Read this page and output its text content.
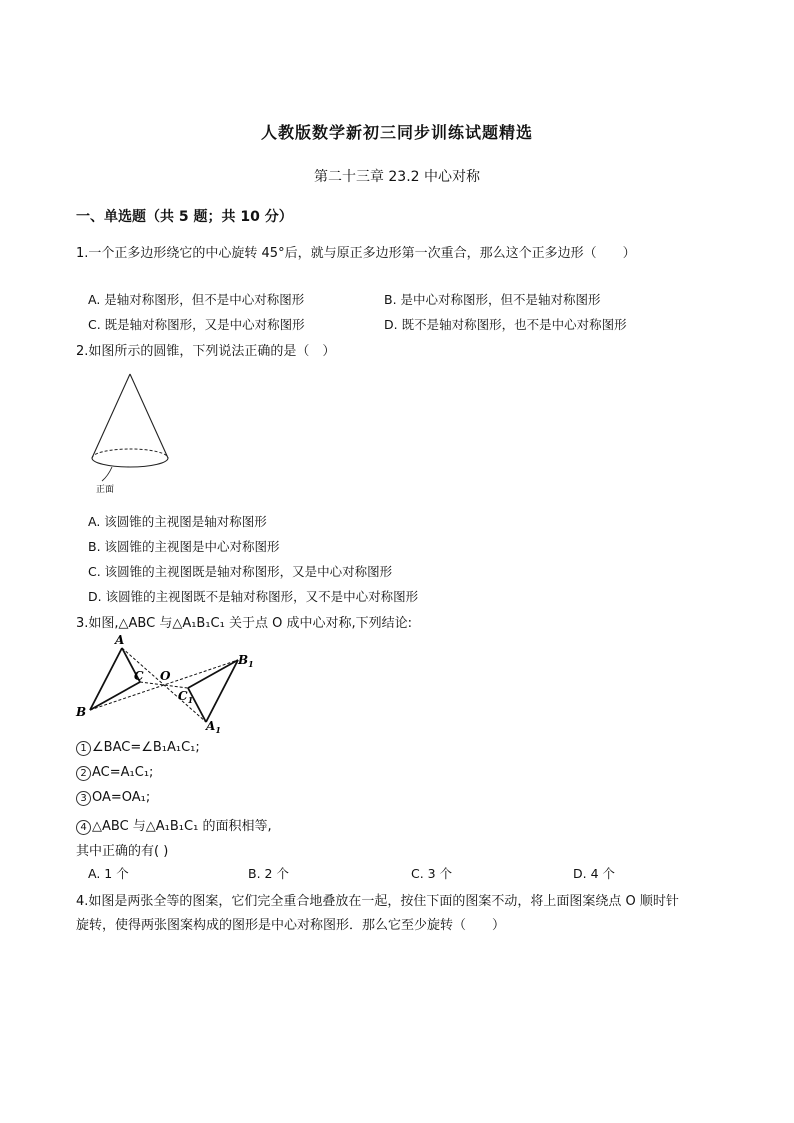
人教版数学新初三同步训练试题精选
第二十三章 23.2 中心对称
一、单选题（共 5 题；共 10 分）
1.一个正多边形绕它的中心旋转 45°后，就与原正多边形第一次重合，那么这个正多边形（　　）
A. 是轴对称图形，但不是中心对称图形	B. 是中心对称图形，但不是轴对称图形
C. 既是轴对称图形，又是中心对称图形	D. 既不是轴对称图形，也不是中心对称图形
2.如图所示的圆锥，下列说法正确的是（　）
正面
A. 该圆锥的主视图是轴对称图形
B. 该圆锥的主视图是中心对称图形
C. 该圆锥的主视图既是轴对称图形，又是中心对称图形
D. 该圆锥的主视图既不是轴对称图形，又不是中心对称图形
3.如图,△ABC 与△A₁B₁C₁ 关于点 O 成中心对称,下列结论:
A
B
C O
$C_1$
$B_1$
$A_1$
1 ∠BAC=∠B₁A₁C₁;
2 AC=A₁C₁;
3 OA=OA₁;
4 △ABC 与△A₁B₁C₁ 的面积相等,
其中正确的有( )
A. 1 个	B. 2 个	C. 3 个	D. 4 个
4.如图是两张全等的图案，它们完全重合地叠放在一起，按住下面的图案不动，将上面图案绕点 O 顺时针
旋转，使得两张图案构成的图形是中心对称图形．那么它至少旋转（　　）
